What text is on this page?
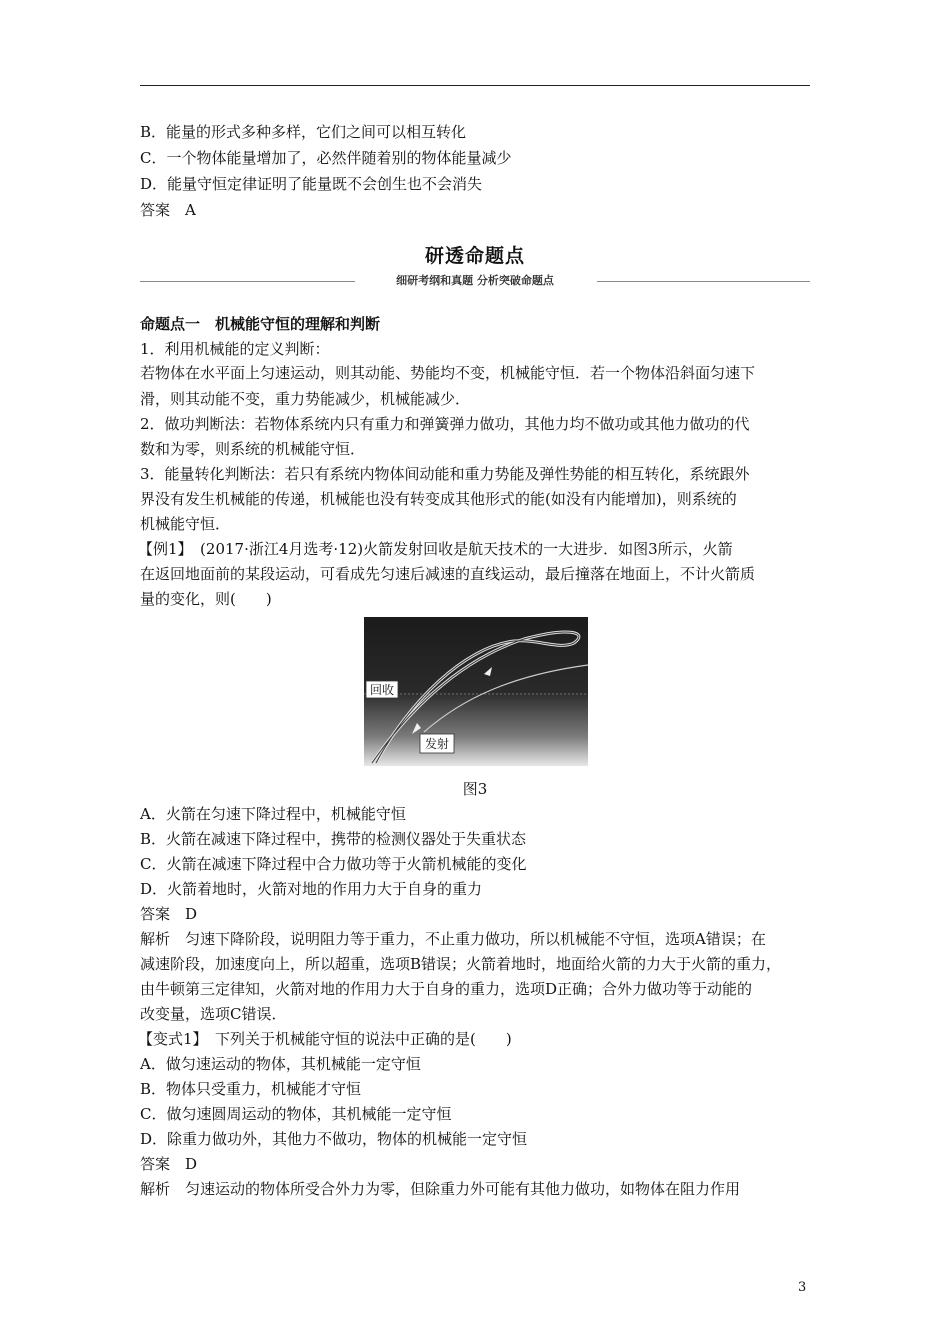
B．能量的形式多种多样，它们之间可以相互转化
C．一个物体能量增加了，必然伴随着别的物体能量减少
D．能量守恒定律证明了能量既不会创生也不会消失
答案　A
研透命题点
细研考纲和真题 分析突破命题点
命题点一　机械能守恒的理解和判断
1．利用机械能的定义判断：
若物体在水平面上匀速运动，则其动能、势能均不变，机械能守恒．若一个物体沿斜面匀速下
滑，则其动能不变，重力势能减少，机械能减少．
2．做功判断法：若物体系统内只有重力和弹簧弹力做功，其他力均不做功或其他力做功的代
数和为零，则系统的机械能守恒．
3．能量转化判断法：若只有系统内物体间动能和重力势能及弹性势能的相互转化，系统跟外
界没有发生机械能的传递，机械能也没有转变成其他形式的能(如没有内能增加)，则系统的
机械能守恒．
【例1】　(2017·浙江4月选考·12)火箭发射回收是航天技术的一大进步．如图3所示，火箭
在返回地面前的某段运动，可看成先匀速后减速的直线运动，最后撞落在地面上，不计火箭质
量的变化，则(　　)
回收
发射
图3
A．火箭在匀速下降过程中，机械能守恒
B．火箭在减速下降过程中，携带的检测仪器处于失重状态
C．火箭在减速下降过程中合力做功等于火箭机械能的变化
D．火箭着地时，火箭对地的作用力大于自身的重力
答案　D
解析　匀速下降阶段，说明阻力等于重力，不止重力做功，所以机械能不守恒，选项A错误；在
减速阶段，加速度向上，所以超重，选项B错误；火箭着地时，地面给火箭的力大于火箭的重力，
由牛顿第三定律知，火箭对地的作用力大于自身的重力，选项D正确；合外力做功等于动能的
改变量，选项C错误．
【变式1】　下列关于机械能守恒的说法中正确的是(　　)
A．做匀速运动的物体，其机械能一定守恒
B．物体只受重力，机械能才守恒
C．做匀速圆周运动的物体，其机械能一定守恒
D．除重力做功外，其他力不做功，物体的机械能一定守恒
答案　D
解析　匀速运动的物体所受合外力为零，但除重力外可能有其他力做功，如物体在阻力作用
3
